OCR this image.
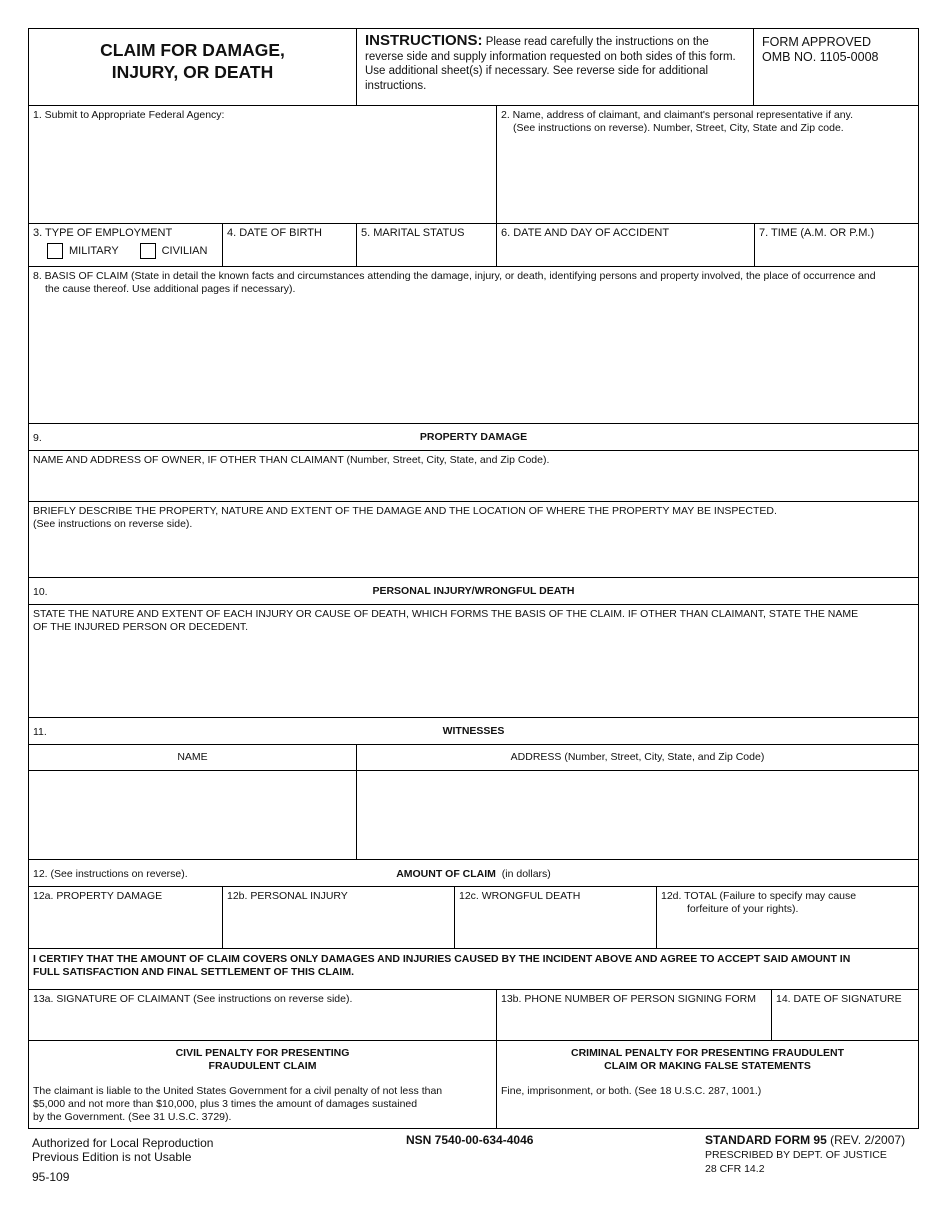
CLAIM FOR DAMAGE,
INJURY, OR DEATH
INSTRUCTIONS: Please read carefully the instructions on the reverse side and supply information requested on both sides of this form. Use additional sheet(s) if necessary. See reverse side for additional instructions.
FORM APPROVED
OMB NO. 1105-0008
1. Submit to Appropriate Federal Agency:	2. Name, address of claimant, and claimant's personal representative if any.
(See instructions on reverse). Number, Street, City, State and Zip code.
3. TYPE OF EMPLOYMENT
MILITARY	CIVILIAN
4. DATE OF BIRTH	5. MARITAL STATUS	6. DATE AND DAY OF ACCIDENT	7. TIME (A.M. OR P.M.)
8. BASIS OF CLAIM (State in detail the known facts and circumstances attending the damage, injury, or death, identifying persons and property involved, the place of occurrence and
the cause thereof. Use additional pages if necessary).
9.	PROPERTY DAMAGE
NAME AND ADDRESS OF OWNER, IF OTHER THAN CLAIMANT (Number, Street, City, State, and Zip Code).
BRIEFLY DESCRIBE THE PROPERTY, NATURE AND EXTENT OF THE DAMAGE AND THE LOCATION OF WHERE THE PROPERTY MAY BE INSPECTED.
(See instructions on reverse side).
10.	PERSONAL INJURY/WRONGFUL DEATH
STATE THE NATURE AND EXTENT OF EACH INJURY OR CAUSE OF DEATH, WHICH FORMS THE BASIS OF THE CLAIM. IF OTHER THAN CLAIMANT, STATE THE NAME
OF THE INJURED PERSON OR DECEDENT.
11.	WITNESSES
NAME	ADDRESS (Number, Street, City, State, and Zip Code)
12. (See instructions on reverse).	AMOUNT OF CLAIM (in dollars)
12a. PROPERTY DAMAGE	12b. PERSONAL INJURY	12c. WRONGFUL DEATH	12d. TOTAL (Failure to specify may cause
forfeiture of your rights).
I CERTIFY THAT THE AMOUNT OF CLAIM COVERS ONLY DAMAGES AND INJURIES CAUSED BY THE INCIDENT ABOVE AND AGREE TO ACCEPT SAID AMOUNT IN
FULL SATISFACTION AND FINAL SETTLEMENT OF THIS CLAIM.
13a. SIGNATURE OF CLAIMANT (See instructions on reverse side).	13b. PHONE NUMBER OF PERSON SIGNING FORM	14. DATE OF SIGNATURE
CIVIL PENALTY FOR PRESENTING
FRAUDULENT CLAIM
The claimant is liable to the United States Government for a civil penalty of not less than
$5,000 and not more than $10,000, plus 3 times the amount of damages sustained
by the Government. (See 31 U.S.C. 3729).
CRIMINAL PENALTY FOR PRESENTING FRAUDULENT
CLAIM OR MAKING FALSE STATEMENTS
Fine, imprisonment, or both. (See 18 U.S.C. 287, 1001.)
Authorized for Local Reproduction
Previous Edition is not Usable
95-109
NSN 7540-00-634-4046	STANDARD FORM 95 (REV. 2/2007)
PRESCRIBED BY DEPT. OF JUSTICE
28 CFR 14.2
